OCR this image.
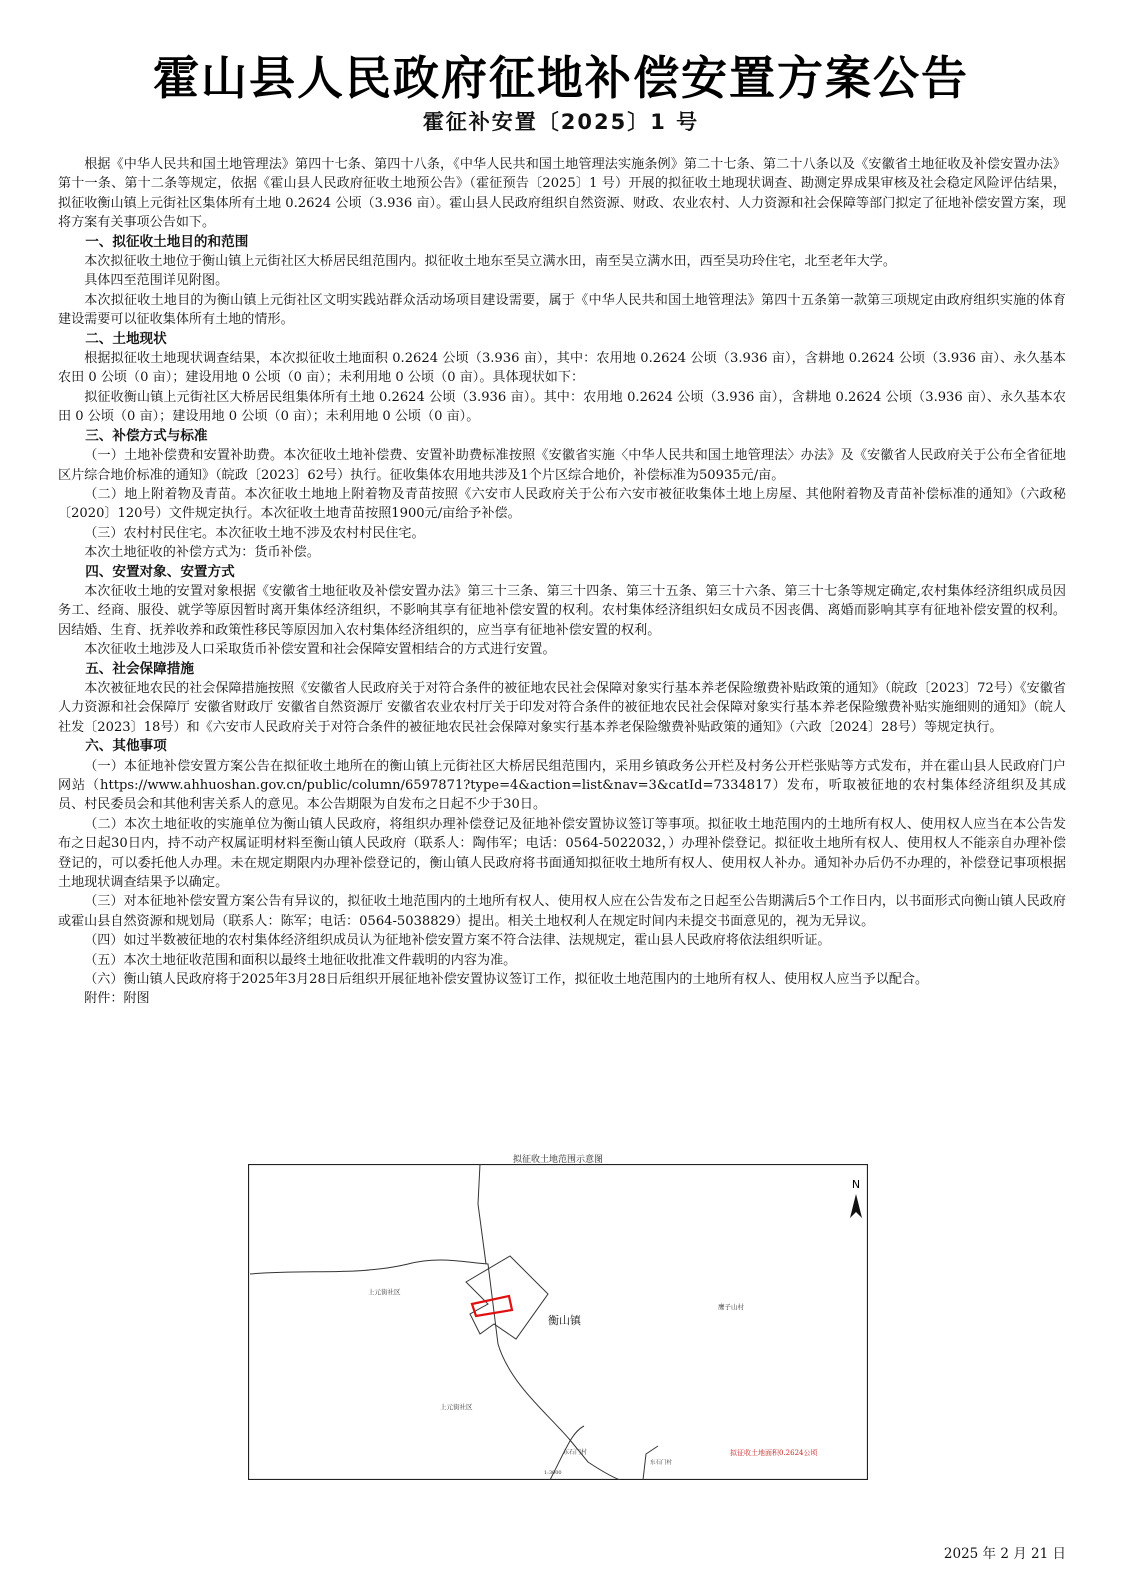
霍山县人民政府征地补偿安置方案公告
霍征补安置〔2025〕1 号

根据《中华人民共和国土地管理法》第四十七条、第四十八条，《中华人民共和国土地管理法实施条例》第二十七条、第二十八条以及《安徽省土地征收及补偿安置办法》第十一条、第十二条等规定，依据《霍山县人民政府征收土地预公告》（霍征预告〔2025〕1 号）开展的拟征收土地现状调查、勘测定界成果审核及社会稳定风险评估结果，拟征收衡山镇上元街社区集体所有土地 0.2624 公顷（3.936 亩）。霍山县人民政府组织自然资源、财政、农业农村、人力资源和社会保障等部门拟定了征地补偿安置方案，现将方案有关事项公告如下。

一、拟征收土地目的和范围

本次拟征收土地位于衡山镇上元街社区大桥居民组范围内。拟征收土地东至吴立满水田，南至吴立满水田，西至吴功玲住宅，北至老年大学。

具体四至范围详见附图。

本次拟征收土地目的为衡山镇上元街社区文明实践站群众活动场项目建设需要，属于《中华人民共和国土地管理法》第四十五条第一款第三项规定由政府组织实施的体育建设需要可以征收集体所有土地的情形。

二、土地现状

根据拟征收土地现状调查结果，本次拟征收土地面积 0.2624 公顷（3.936 亩），其中：农用地 0.2624 公顷（3.936 亩），含耕地 0.2624 公顷（3.936 亩）、永久基本农田 0 公顷（0 亩）；建设用地 0 公顷（0 亩）；未利用地 0 公顷（0 亩）。具体现状如下：

拟征收衡山镇上元街社区大桥居民组集体所有土地 0.2624 公顷（3.936 亩）。其中：农用地 0.2624 公顷（3.936 亩），含耕地 0.2624 公顷（3.936 亩）、永久基本农田 0 公顷（0 亩）；建设用地 0 公顷（0 亩）；未利用地 0 公顷（0 亩）。

三、补偿方式与标准

（一）土地补偿费和安置补助费。本次征收土地补偿费、安置补助费标准按照《安徽省实施〈中华人民共和国土地管理法〉办法》及《安徽省人民政府关于公布全省征地区片综合地价标准的通知》（皖政〔2023〕62号）执行。征收集体农用地共涉及1个片区综合地价，补偿标准为50935元/亩。

（二）地上附着物及青苗。本次征收土地地上附着物及青苗按照《六安市人民政府关于公布六安市被征收集体土地上房屋、其他附着物及青苗补偿标准的通知》（六政秘〔2020〕120号）文件规定执行。本次征收土地青苗按照1900元/亩给予补偿。

（三）农村村民住宅。本次征收土地不涉及农村村民住宅。

本次土地征收的补偿方式为：货币补偿。

四、安置对象、安置方式

本次征收土地的安置对象根据《安徽省土地征收及补偿安置办法》第三十三条、第三十四条、第三十五条、第三十六条、第三十七条等规定确定,农村集体经济组织成员因务工、经商、服役、就学等原因暂时离开集体经济组织，不影响其享有征地补偿安置的权利。农村集体经济组织妇女成员不因丧偶、离婚而影响其享有征地补偿安置的权利。因结婚、生育、抚养收养和政策性移民等原因加入农村集体经济组织的，应当享有征地补偿安置的权利。

本次征收土地涉及人口采取货币补偿安置和社会保障安置相结合的方式进行安置。

五、社会保障措施

本次被征地农民的社会保障措施按照《安徽省人民政府关于对符合条件的被征地农民社会保障对象实行基本养老保险缴费补贴政策的通知》（皖政〔2023〕72号）《安徽省人力资源和社会保障厅 安徽省财政厅 安徽省自然资源厅 安徽省农业农村厅关于印发对符合条件的被征地农民社会保障对象实行基本养老保险缴费补贴实施细则的通知》（皖人社发〔2023〕18号）和《六安市人民政府关于对符合条件的被征地农民社会保障对象实行基本养老保险缴费补贴政策的通知》（六政〔2024〕28号）等规定执行。

六、其他事项

（一）本征地补偿安置方案公告在拟征收土地所在的衡山镇上元街社区大桥居民组范围内，采用乡镇政务公开栏及村务公开栏张贴等方式发布，并在霍山县人民政府门户网站（https://www.ahhuoshan.gov.cn/public/column/6597871?type=4&action=list&nav=3&catId=7334817）发布，听取被征地的农村集体经济组织及其成员、村民委员会和其他利害关系人的意见。本公告期限为自发布之日起不少于30日。

（二）本次土地征收的实施单位为衡山镇人民政府，将组织办理补偿登记及征地补偿安置协议签订等事项。拟征收土地范围内的土地所有权人、使用权人应当在本公告发布之日起30日内，持不动产权属证明材料至衡山镇人民政府（联系人：陶伟军；电话：0564-5022032，）办理补偿登记。拟征收土地所有权人、使用权人不能亲自办理补偿登记的，可以委托他人办理。未在规定期限内办理补偿登记的，衡山镇人民政府将书面通知拟征收土地所有权人、使用权人补办。通知补办后仍不办理的，补偿登记事项根据土地现状调查结果予以确定。

（三）对本征地补偿安置方案公告有异议的，拟征收土地范围内的土地所有权人、使用权人应在公告发布之日起至公告期满后5个工作日内，以书面形式向衡山镇人民政府或霍山县自然资源和规划局（联系人：陈军；电话：0564-5038829）提出。相关土地权利人在规定时间内未提交书面意见的，视为无异议。

（四）如过半数被征地的农村集体经济组织成员认为征地补偿安置方案不符合法律、法规规定，霍山县人民政府将依法组织听证。

（五）本次土地征收范围和面积以最终土地征收批准文件载明的内容为准。

（六）衡山镇人民政府将于2025年3月28日后组织开展征地补偿安置协议签订工作，拟征收土地范围内的土地所有权人、使用权人应当予以配合。

附件：附图

拟征收土地范围示意图
N
上元街社区
衡山镇
鹰子山村
上元街社区
东石门村
东石门村
1:3000
拟征收土地面积0.2624公顷
2025 年 2 月 21 日
